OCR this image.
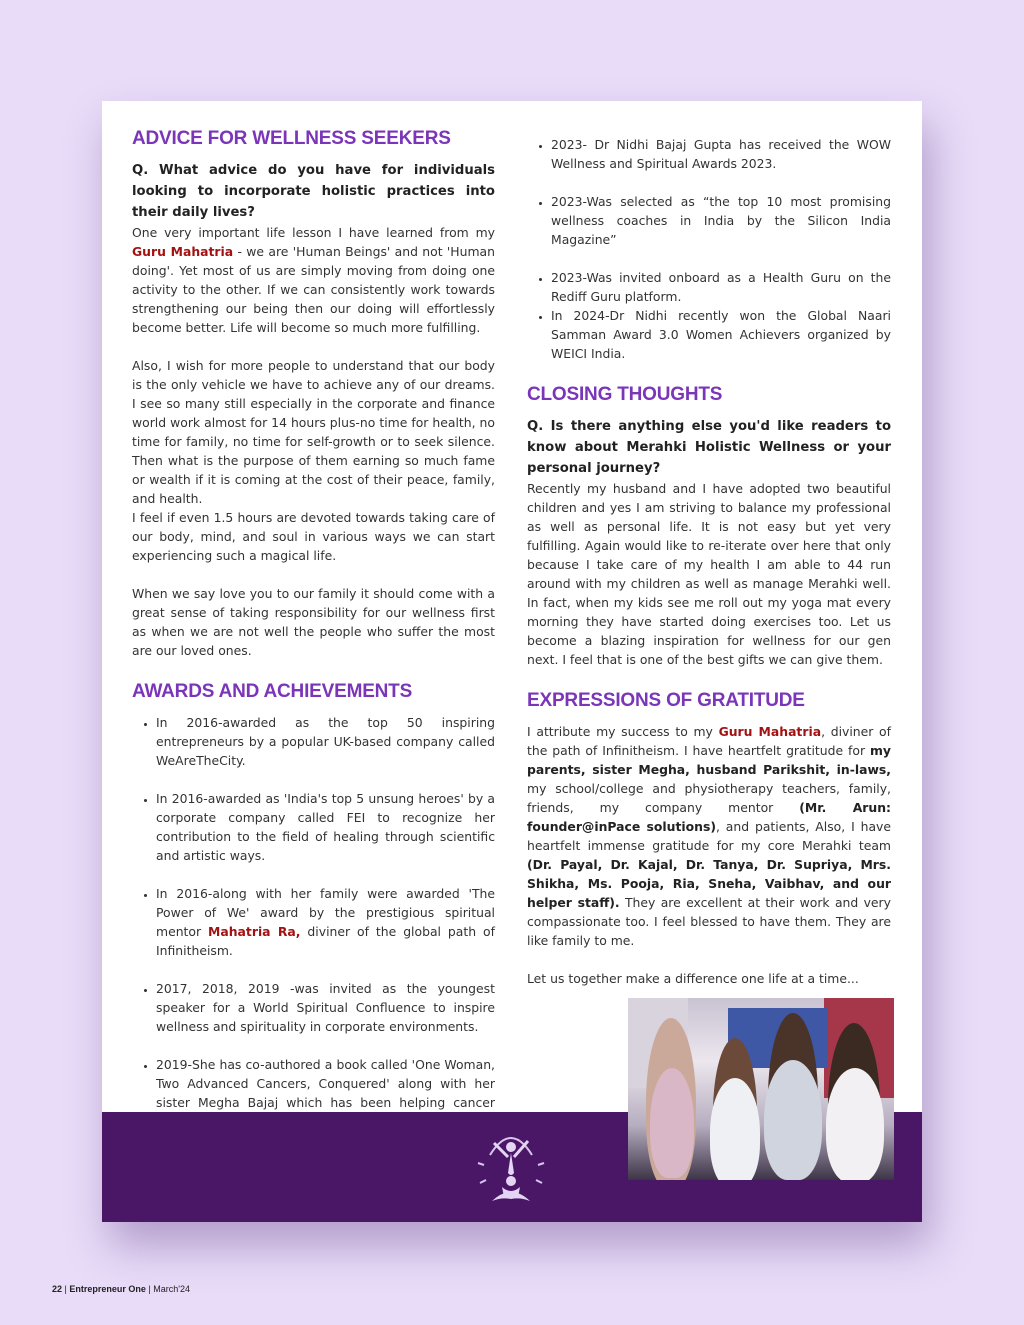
ADVICE FOR WELLNESS SEEKERS

Q. What advice do you have for individuals looking to incorporate holistic practices into their daily lives?

One very important life lesson I have learned from my Guru Mahatria - we are 'Human Beings' and not 'Human doing'. Yet most of us are simply moving from doing one activity to the other. If we can consistently work towards strengthening our being then our doing will effortlessly become better. Life will become so much more fulfilling.

Also, I wish for more people to understand that our body is the only vehicle we have to achieve any of our dreams. I see so many still especially in the corporate and finance world work almost for 14 hours plus-no time for health, no time for family, no time for self-growth or to seek silence. Then what is the purpose of them earning so much fame or wealth if it is coming at the cost of their peace, family, and health.

I feel if even 1.5 hours are devoted towards taking care of our body, mind, and soul in various ways we can start experiencing such a magical life.

When we say love you to our family it should come with a great sense of taking responsibility for our wellness first as when we are not well the people who suffer the most are our loved ones.

AWARDS AND ACHIEVEMENTS
• In 2016-awarded as the top 50 inspiring entrepreneurs by a popular UK-based company called WeAreTheCity.
• In 2016-awarded as 'India's top 5 unsung heroes' by a corporate company called FEI to recognize her contribution to the field of healing through scientific and artistic ways.
• In 2016-along with her family were awarded 'The Power of We' award by the prestigious spiritual mentor Mahatria Ra, diviner of the global path of Infinitheism.
• 2017, 2018, 2019 -was invited as the youngest speaker for a World Spiritual Confluence to inspire wellness and spirituality in corporate environments.
• 2019-She has co-authored a book called 'One Woman, Two Advanced Cancers, Conquered' along with her sister Megha Bajaj which has been helping cancer
• 2023- Dr Nidhi Bajaj Gupta has received the WOW Wellness and Spiritual Awards 2023.
• 2023-Was selected as “the top 10 most promising wellness coaches in India by the Silicon India Magazine”
• 2023-Was invited onboard as a Health Guru on the Rediff Guru platform.
• In 2024-Dr Nidhi recently won the Global Naari Samman Award 3.0 Women Achievers organized by WEICI India.
CLOSING THOUGHTS

Q. Is there anything else you'd like readers to know about Merahki Holistic Wellness or your personal journey?

Recently my husband and I have adopted two beautiful children and yes I am striving to balance my professional as well as personal life. It is not easy but yet very fulfilling. Again would like to re-iterate over here that only because I take care of my health I am able to 44 run around with my children as well as manage Merahki well. In fact, when my kids see me roll out my yoga mat every morning they have started doing exercises too. Let us become a blazing inspiration for wellness for our gen next. I feel that is one of the best gifts we can give them.

EXPRESSIONS OF GRATITUDE

I attribute my success to my Guru Mahatria, diviner of the path of Infinitheism. I have heartfelt gratitude for my parents, sister Megha, husband Parikshit, in-laws, my school/college and physiotherapy teachers, family, friends, my company mentor (Mr. Arun: founder@inPace solutions), and patients, Also, I have heartfelt immense gratitude for my core Merahki team (Dr. Payal, Dr. Kajal, Dr. Tanya, Dr. Supriya, Mrs. Shikha, Ms. Pooja, Ria, Sneha, Vaibhav, and our helper staff). They are excellent at their work and very compassionate too. I feel blessed to have them. They are like family to me.

Let us together make a difference one life at a time...

22 | Entrepreneur One | March'24
